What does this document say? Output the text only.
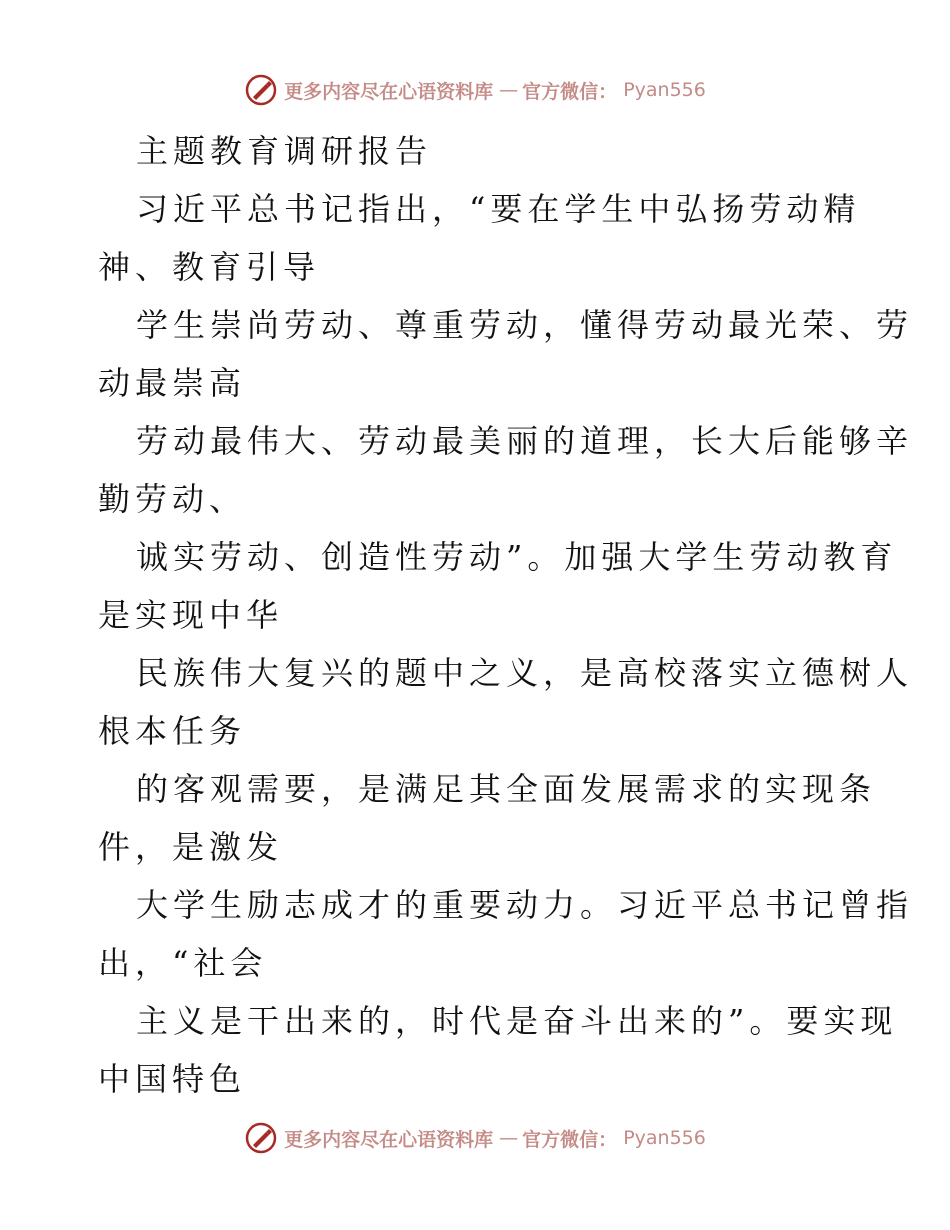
更多内容尽在心语资料库 — 官方微信： Pyan556
主题教育调研报告
习近平总书记指出，“要在学生中弘扬劳动精
神、教育引导
学生崇尚劳动、尊重劳动，懂得劳动最光荣、劳
动最崇高
劳动最伟大、劳动最美丽的道理，长大后能够辛
勤劳动、
诚实劳动、创造性劳动”。加强大学生劳动教育
是实现中华
民族伟大复兴的题中之义，是高校落实立德树人
根本任务
的客观需要，是满足其全面发展需求的实现条
件，是激发
大学生励志成才的重要动力。习近平总书记曾指
出，“社会
主义是干出来的，时代是奋斗出来的”。要实现
中国特色
更多内容尽在心语资料库 — 官方微信： Pyan556
